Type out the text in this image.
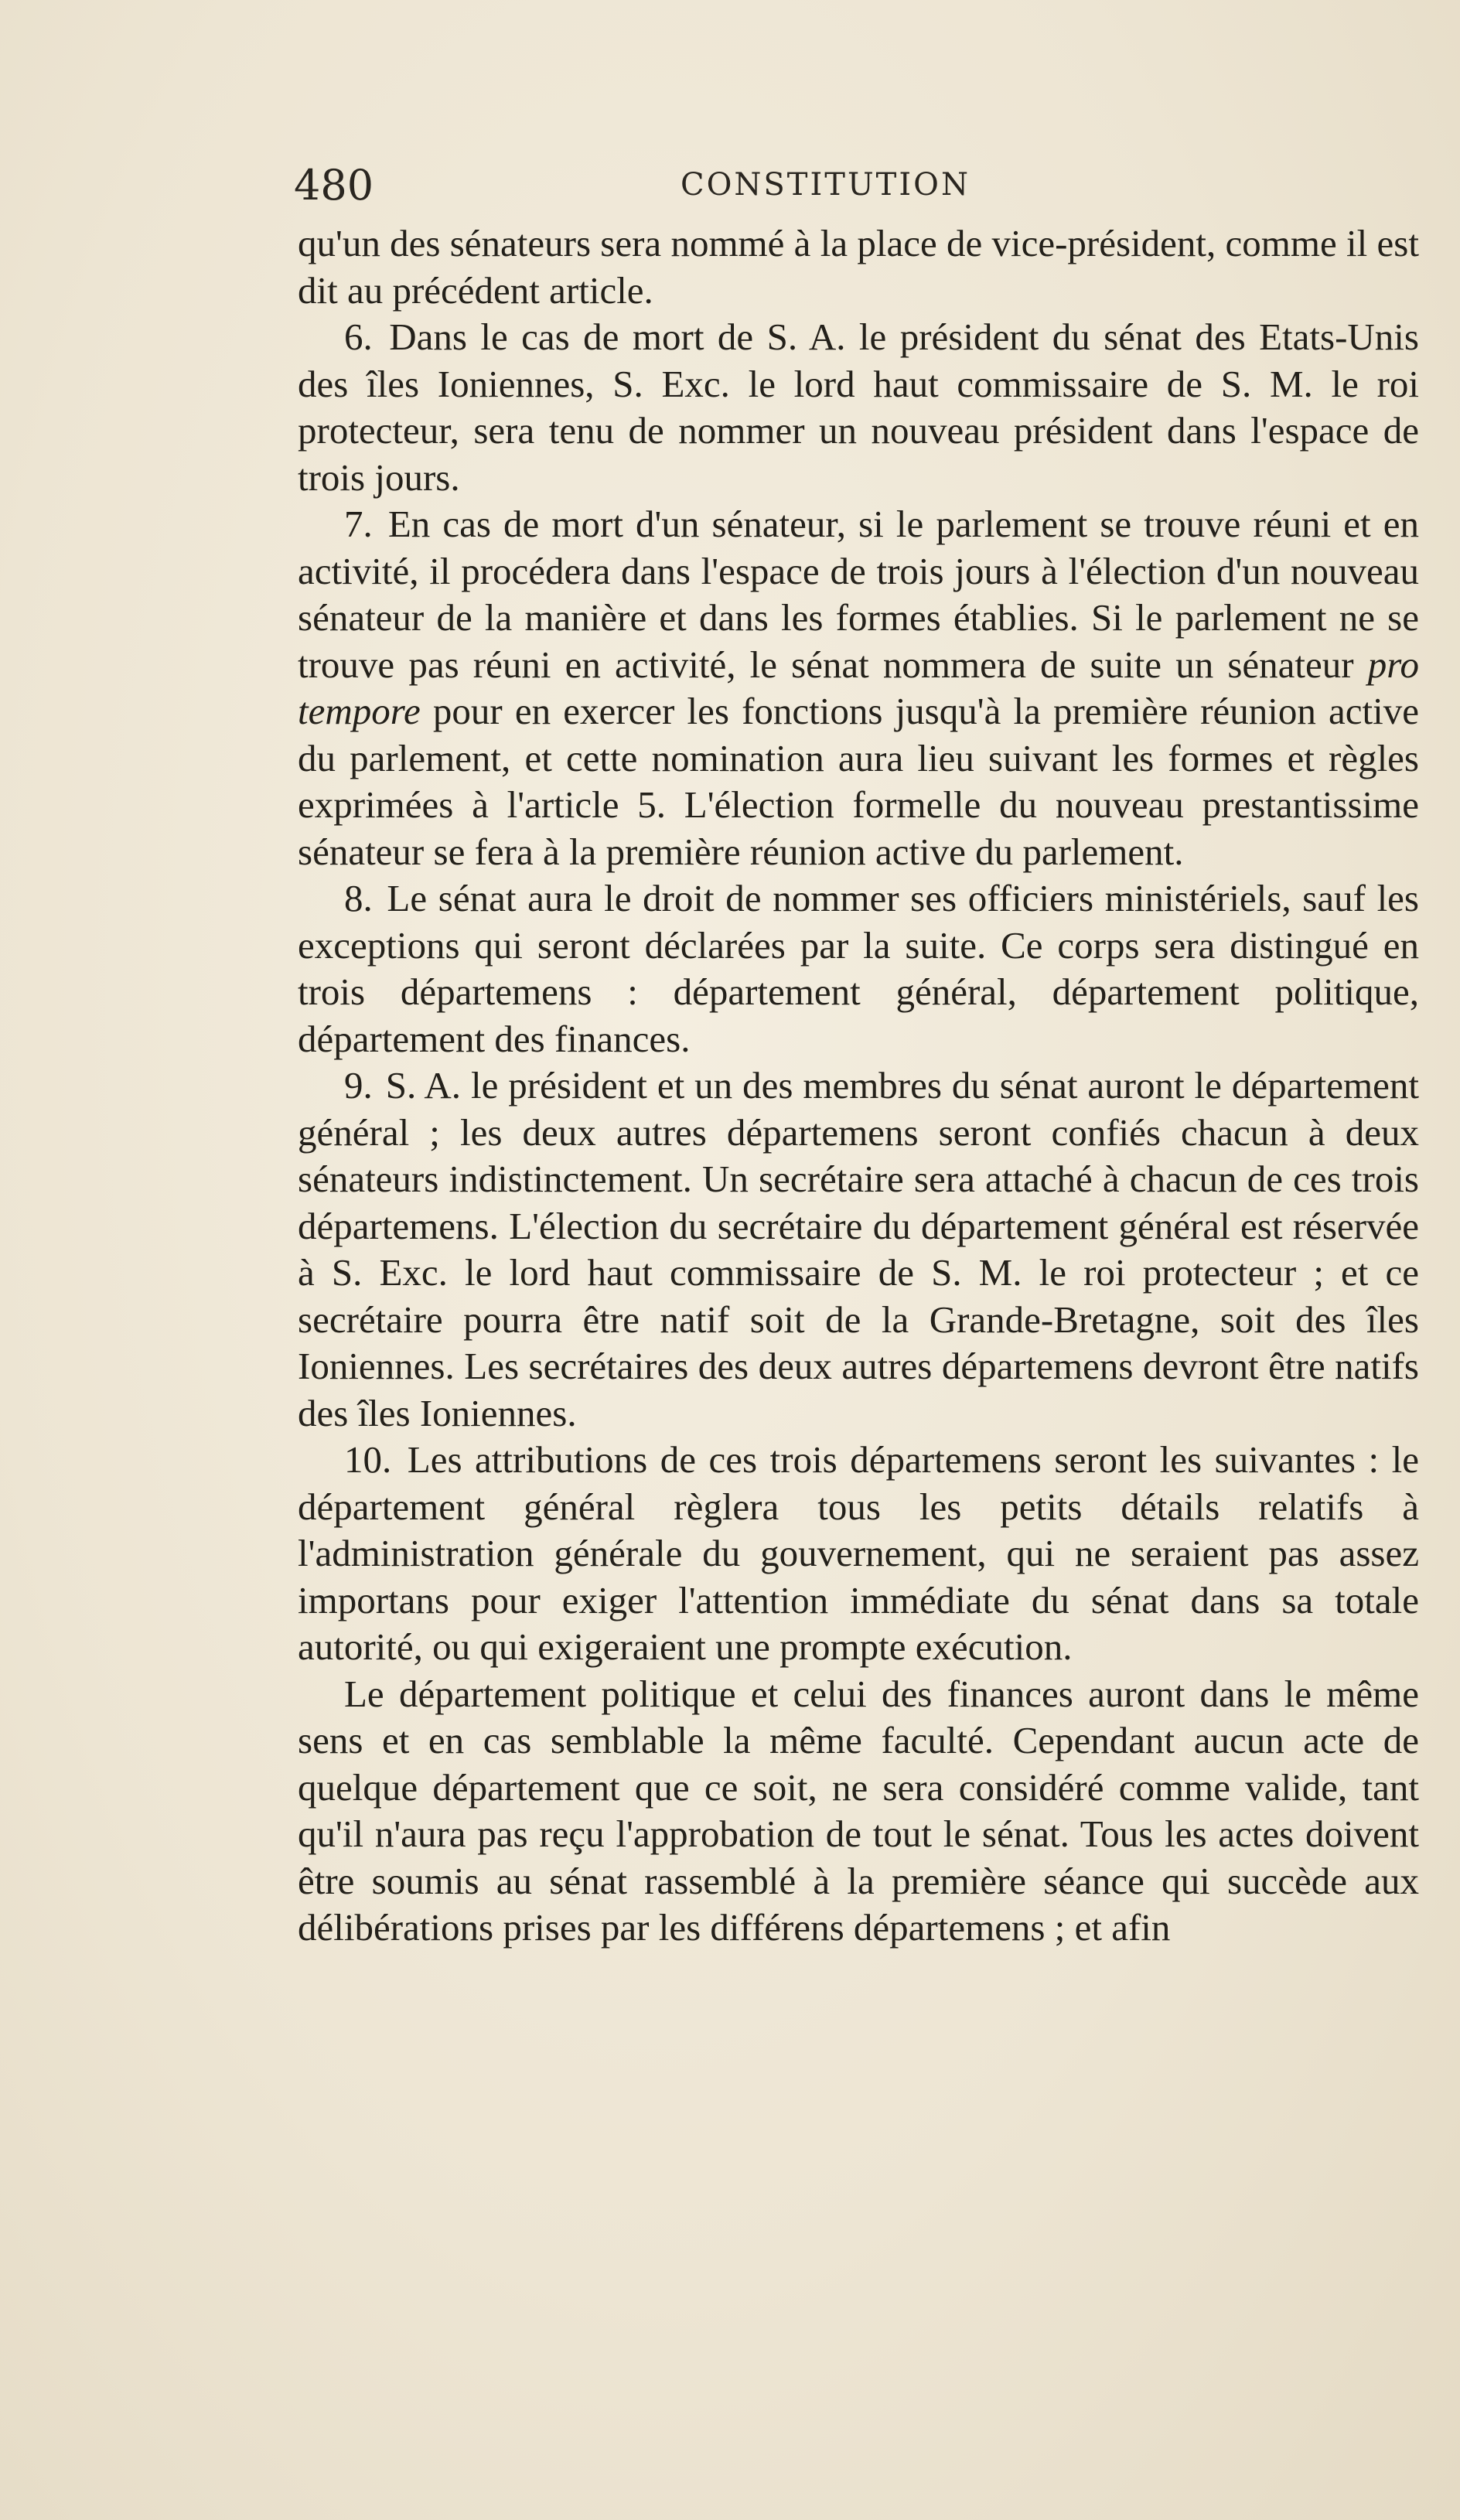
480	CONSTITUTION

qu'un des sénateurs sera nommé à la place de vice-président, comme il est dit au précédent article.

6. Dans le cas de mort de S. A. le président du sénat des Etats-Unis des îles Ioniennes, S. Exc. le lord haut commissaire de S. M. le roi protecteur, sera tenu de nommer un nouveau président dans l'espace de trois jours.

7. En cas de mort d'un sénateur, si le parlement se trouve réuni et en activité, il procédera dans l'espace de trois jours à l'élection d'un nouveau sénateur de la manière et dans les formes établies. Si le parlement ne se trouve pas réuni en activité, le sénat nommera de suite un sénateur pro tempore pour en exercer les fonctions jusqu'à la première réunion active du parlement, et cette nomination aura lieu suivant les formes et règles exprimées à l'article 5. L'élection formelle du nouveau prestantissime sénateur se fera à la première réunion active du parlement.

8. Le sénat aura le droit de nommer ses officiers ministériels, sauf les exceptions qui seront déclarées par la suite. Ce corps sera distingué en trois départemens : département général, département politique, département des finances.

9. S. A. le président et un des membres du sénat auront le département général ; les deux autres départemens seront confiés chacun à deux sénateurs indistinctement. Un secrétaire sera attaché à chacun de ces trois départemens. L'élection du secrétaire du département général est réservée à S. Exc. le lord haut commissaire de S. M. le roi protecteur ; et ce secrétaire pourra être natif soit de la Grande-Bretagne, soit des îles Ioniennes. Les secrétaires des deux autres départemens devront être natifs des îles Ioniennes.

10. Les attributions de ces trois départemens seront les suivantes : le département général règlera tous les petits détails relatifs à l'administration générale du gouvernement, qui ne seraient pas assez importans pour exiger l'attention immédiate du sénat dans sa totale autorité, ou qui exigeraient une prompte exécution.

Le département politique et celui des finances auront dans le même sens et en cas semblable la même faculté. Cependant aucun acte de quelque département que ce soit, ne sera considéré comme valide, tant qu'il n'aura pas reçu l'approbation de tout le sénat. Tous les actes doivent être soumis au sénat rassemblé à la première séance qui succède aux délibérations prises par les différens départemens ; et afin
